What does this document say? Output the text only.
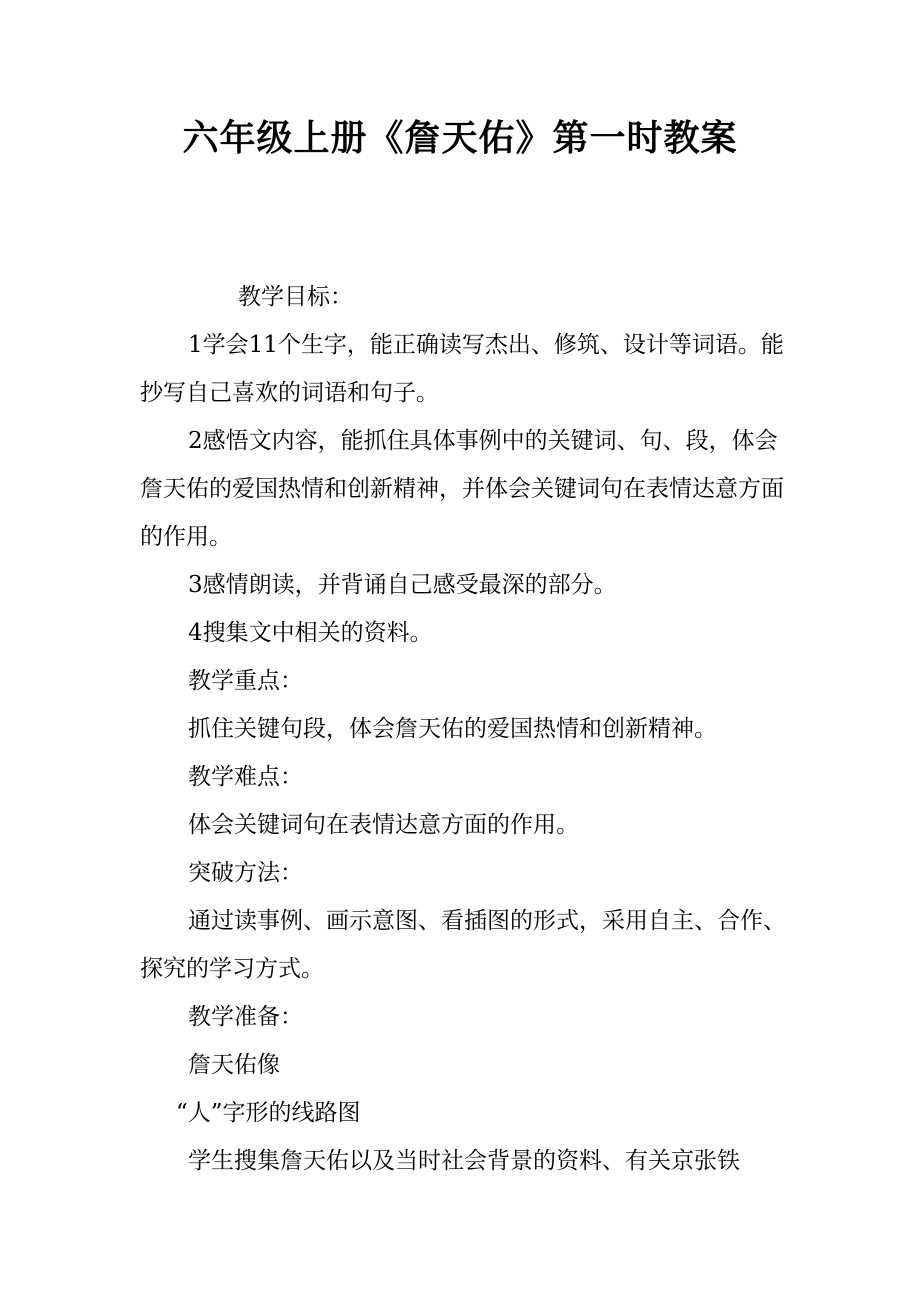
六年级上册《詹天佑》第一时教案

教学目标：

1学会11个生字，能正确读写杰出、修筑、设计等词语。能抄写自己喜欢的词语和句子。

2感悟文内容，能抓住具体事例中的关键词、句、段，体会詹天佑的爱国热情和创新精神，并体会关键词句在表情达意方面的作用。

3感情朗读，并背诵自己感受最深的部分。

4搜集文中相关的资料。

教学重点：

抓住关键句段，体会詹天佑的爱国热情和创新精神。

教学难点：

体会关键词句在表情达意方面的作用。

突破方法：

通过读事例、画示意图、看插图的形式，采用自主、合作、探究的学习方式。

教学准备：

詹天佑像

“人”字形的线路图

学生搜集詹天佑以及当时社会背景的资料、有关京张铁
